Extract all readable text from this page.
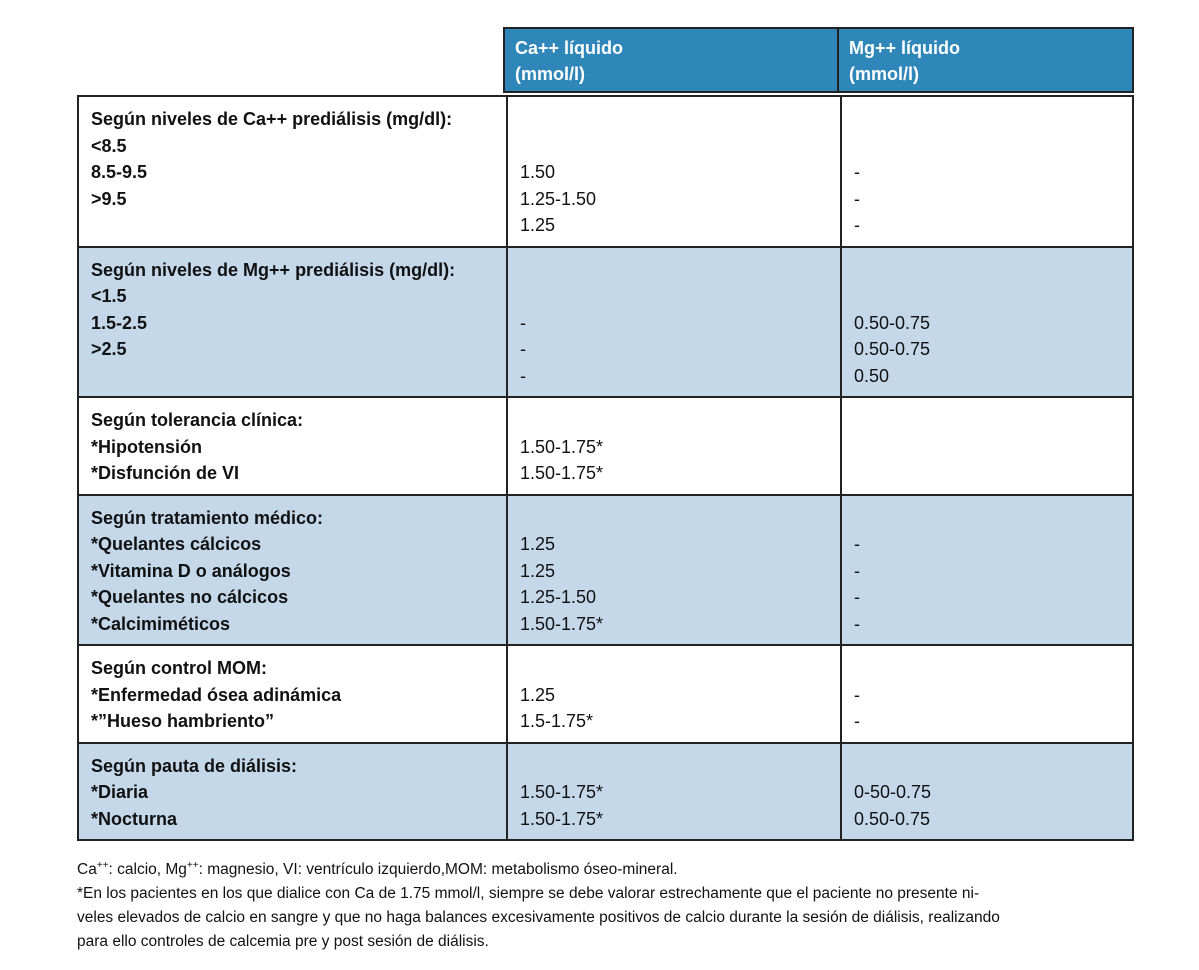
Ca++ líquido
(mmol/l)
Mg++ líquido
(mmol/l)
Según niveles de Ca++ prediálisis (mg/dl):
<8.5
8.5-9.5
>9.5
1.50
1.25-1.50
1.25
-
-
-
Según niveles de Mg++ prediálisis (mg/dl):
<1.5
1.5-2.5
>2.5
-
-
-
0.50-0.75
0.50-0.75
0.50
Según tolerancia clínica:
*Hipotensión
*Disfunción de VI
1.50-1.75*
1.50-1.75*
Según tratamiento médico:
*Quelantes cálcicos
*Vitamina D o análogos
*Quelantes no cálcicos
*Calcimiméticos
1.25
1.25
1.25-1.50
1.50-1.75*
-
-
-
-
Según control MOM:
*Enfermedad ósea adinámica
*”Hueso hambriento”
1.25
1.5-1.75*
-
-
Según pauta de diálisis:
*Diaria
*Nocturna
1.50-1.75*
1.50-1.75*
0-50-0.75
0.50-0.75

Ca++: calcio, Mg++: magnesio, VI: ventrículo izquierdo,MOM: metabolismo óseo-mineral.

*En los pacientes en los que dialice con Ca de 1.75 mmol/l, siempre se debe valorar estrechamente que el paciente no presente ni-

veles elevados de calcio en sangre y que no haga balances excesivamente positivos de calcio durante la sesión de diálisis, realizando

para ello controles de calcemia pre y post sesión de diálisis.
